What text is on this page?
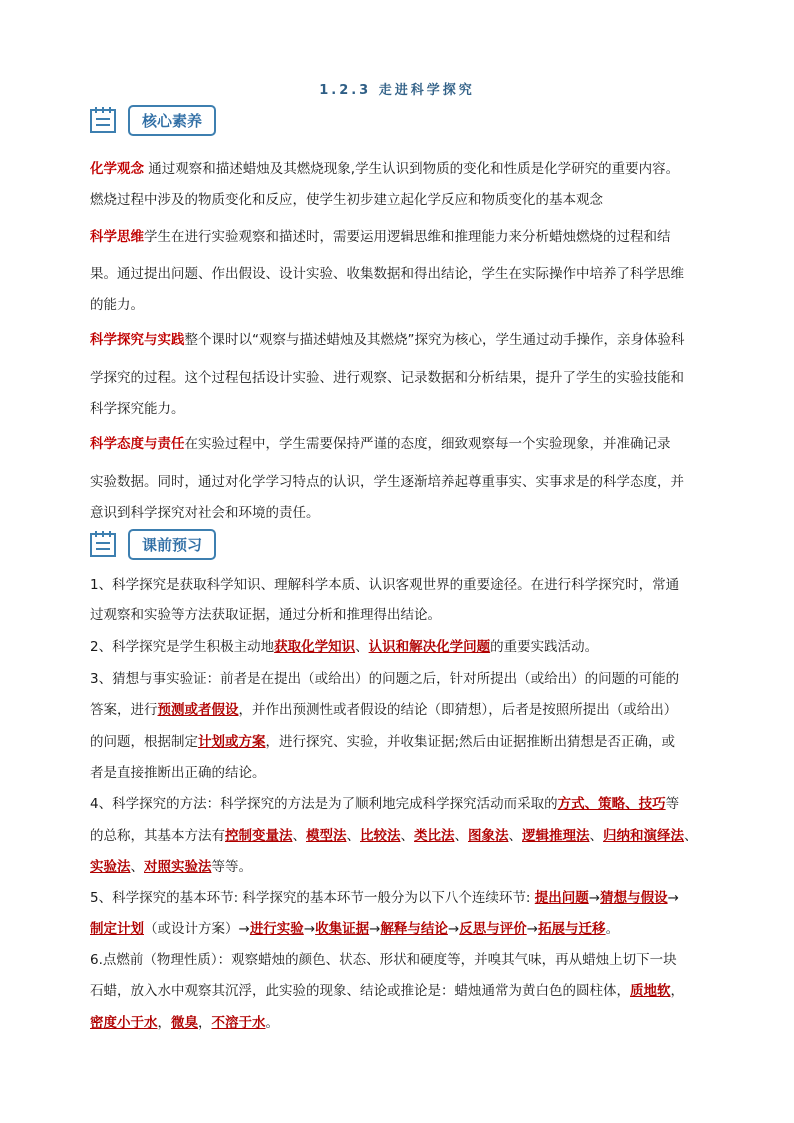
1.2.3 走进科学探究
核心素养
化学观念 通过观察和描述蜡烛及其燃烧现象,学生认识到物质的变化和性质是化学研究的重要内容。
燃烧过程中涉及的物质变化和反应，使学生初步建立起化学反应和物质变化的基本观念
科学思维学生在进行实验观察和描述时，需要运用逻辑思维和推理能力来分析蜡烛燃烧的过程和结
果。通过提出问题、作出假设、设计实验、收集数据和得出结论，学生在实际操作中培养了科学思维
的能力。
科学探究与实践整个课时以“观察与描述蜡烛及其燃烧”探究为核心，学生通过动手操作，亲身体验科
学探究的过程。这个过程包括设计实验、进行观察、记录数据和分析结果，提升了学生的实验技能和
科学探究能力。
科学态度与责任在实验过程中，学生需要保持严谨的态度，细致观察每一个实验现象，并准确记录
实验数据。同时，通过对化学学习特点的认识，学生逐渐培养起尊重事实、实事求是的科学态度，并
意识到科学探究对社会和环境的责任。
课前预习
1、科学探究是获取科学知识、理解科学本质、认识客观世界的重要途径。在进行科学探究时，常通
过观察和实验等方法获取证据，通过分析和推理得出结论。
2、科学探究是学生积极主动地获取化学知识、认识和解决化学问题的重要实践活动。
3、猜想与事实验证：前者是在提出（或给出）的问题之后，针对所提出（或给出）的问题的可能的
答案，进行预测或者假设，并作出预测性或者假设的结论（即猜想），后者是按照所提出（或给出）
的问题，根据制定计划或方案，进行探究、实验，并收集证据;然后由证据推断出猜想是否正确，或
者是直接推断出正确的结论。
4、科学探究的方法：科学探究的方法是为了顺利地完成科学探究活动而采取的方式、策略、技巧等
的总称，其基本方法有控制变量法、模型法、比较法、类比法、图象法、逻辑推理法、归纳和演绎法、
实验法、对照实验法等等。
5、科学探究的基本环节: 科学探究的基本环节一般分为以下八个连续环节: 提出问题→猜想与假设→
制定计划（或设计方案）→进行实验→收集证据→解释与结论→反思与评价→拓展与迁移。
6.点燃前（物理性质）：观察蜡烛的颜色、状态、形状和硬度等，并嗅其气味，再从蜡烛上切下一块
石蜡，放入水中观察其沉浮，此实验的现象、结论或推论是：蜡烛通常为黄白色的圆柱体，质地软，
密度小于水，微臭，不溶于水。
